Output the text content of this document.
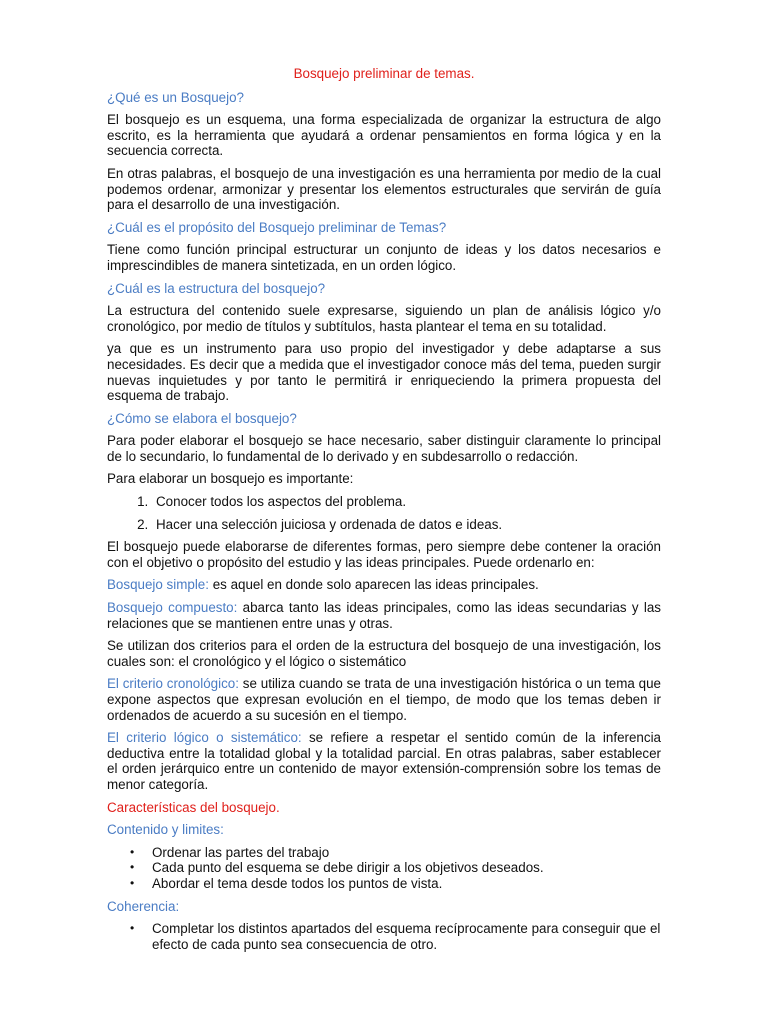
Bosquejo preliminar de temas.
¿Qué es un Bosquejo?

El bosquejo es un esquema, una forma especializada de organizar la estructura de algo escrito, es la herramienta que ayudará a ordenar pensamientos en forma lógica y en la secuencia correcta.

En otras palabras, el bosquejo de una investigación es una herramienta por medio de la cual podemos ordenar, armonizar y presentar los elementos estructurales que servirán de guía para el desarrollo de una investigación.

¿Cuál es el propósito del Bosquejo preliminar de Temas?

Tiene como función principal estructurar un conjunto de ideas y los datos necesarios e imprescindibles de manera sintetizada, en un orden lógico.

¿Cuál es la estructura del bosquejo?

La estructura del contenido suele expresarse, siguiendo un plan de análisis lógico y/o cronológico, por medio de títulos y subtítulos, hasta plantear el tema en su totalidad.

ya que es un instrumento para uso propio del investigador y debe adaptarse a sus necesidades. Es decir que a medida que el investigador conoce más del tema, pueden surgir nuevas inquietudes y por tanto le permitirá ir enriqueciendo la primera propuesta del esquema de trabajo.

¿Cómo se elabora el bosquejo?

Para poder elaborar el bosquejo se hace necesario, saber distinguir claramente lo principal de lo secundario, lo fundamental de lo derivado y en subdesarrollo o redacción.

Para elaborar un bosquejo es importante:

1. Conocer todos los aspectos del problema.
2. Hacer una selección juiciosa y ordenada de datos e ideas.

El bosquejo puede elaborarse de diferentes formas, pero siempre debe contener la oración con el objetivo o propósito del estudio y las ideas principales. Puede ordenarlo en:

Bosquejo simple: es aquel en donde solo aparecen las ideas principales.

Bosquejo compuesto: abarca tanto las ideas principales, como las ideas secundarias y las relaciones que se mantienen entre unas y otras.

Se utilizan dos criterios para el orden de la estructura del bosquejo de una investigación, los cuales son: el cronológico y el lógico o sistemático

El criterio cronológico: se utiliza cuando se trata de una investigación histórica o un tema que expone aspectos que expresan evolución en el tiempo, de modo que los temas deben ir ordenados de acuerdo a su sucesión en el tiempo.

El criterio lógico o sistemático: se refiere a respetar el sentido común de la inferencia deductiva entre la totalidad global y la totalidad parcial. En otras palabras, saber establecer el orden jerárquico entre un contenido de mayor extensión-comprensión sobre los temas de menor categoría.

Características del bosquejo.
Contenido y limites:
• Ordenar las partes del trabajo
• Cada punto del esquema se debe dirigir a los objetivos deseados.
• Abordar el tema desde todos los puntos de vista.
Coherencia:
• Completar los distintos apartados del esquema recíprocamente para conseguir que el efecto de cada punto sea consecuencia de otro.
